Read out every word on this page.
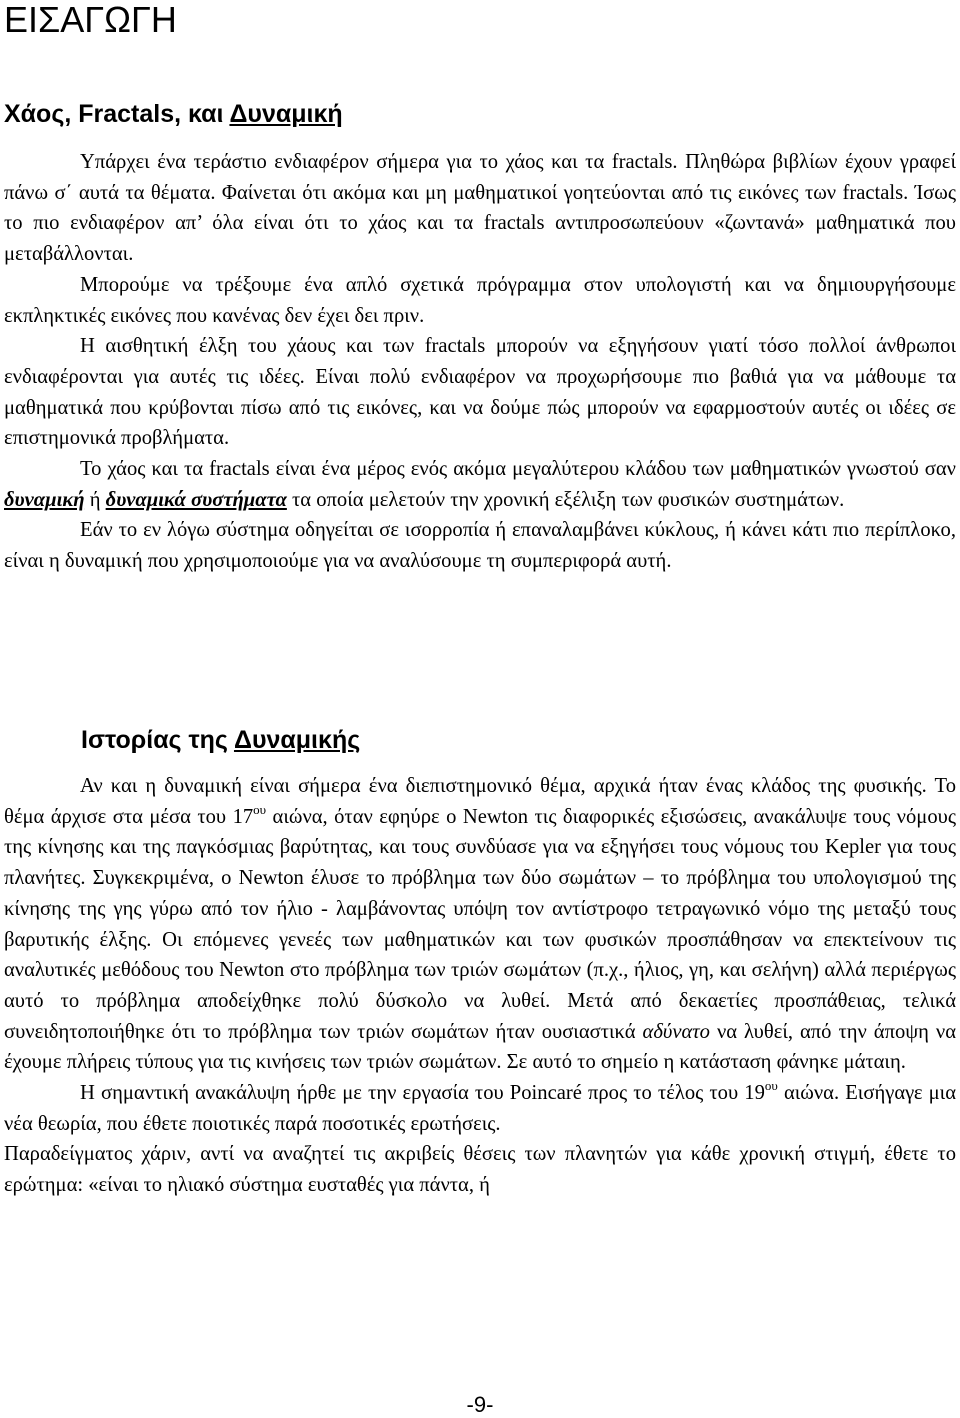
ΕΙΣΑΓΩΓΗ
Χάος, Fractals, και Δυναμική

Υπάρχει ένα τεράστιο ενδιαφέρον σήμερα για το χάος και τα fractals. Πληθώρα βιβλίων έχουν γραφεί πάνω σ΄ αυτά τα θέματα. Φαίνεται ότι ακόμα και μη μαθηματικοί γοητεύονται από τις εικόνες των fractals. Ίσως το πιο ενδιαφέρον απ’ όλα είναι ότι το χάος και τα fractals αντιπροσωπεύουν «ζωντανά» μαθηματικά που μεταβάλλονται.

Μπορούμε να τρέξουμε ένα απλό σχετικά πρόγραμμα στον υπολογιστή και να δημιουργήσουμε εκπληκτικές εικόνες που κανένας δεν έχει δει πριν.

Η αισθητική έλξη του χάους και των fractals μπορούν να εξηγήσουν γιατί τόσο πολλοί άνθρωποι ενδιαφέρονται για αυτές τις ιδέες. Είναι πολύ ενδιαφέρον να προχωρήσουμε πιο βαθιά για να μάθουμε τα μαθηματικά που κρύβονται πίσω από τις εικόνες, και να δούμε πώς μπορούν να εφαρμοστούν αυτές οι ιδέες σε επιστημονικά προβλήματα.

Το χάος και τα fractals είναι ένα μέρος ενός ακόμα μεγαλύτερου κλάδου των μαθηματικών γνωστού σαν δυναμική ή δυναμικά συστήματα τα οποία μελετούν την χρονική εξέλιξη των φυσικών συστημάτων.

Εάν το εν λόγω σύστημα οδηγείται σε ισορροπία ή επαναλαμβάνει κύκλους, ή κάνει κάτι πιο περίπλοκο, είναι η δυναμική που χρησιμοποιούμε για να αναλύσουμε τη συμπεριφορά αυτή.

Ιστορίας της Δυναμικής

Αν και η δυναμική είναι σήμερα ένα διεπιστημονικό θέμα, αρχικά ήταν ένας κλάδος της φυσικής. Το θέμα άρχισε στα μέσα του $17^{o\upsilon}$ αιώνα, όταν εφηύρε ο Newton τις διαφορικές εξισώσεις, ανακάλυψε τους νόμους της κίνησης και της παγκόσμιας βαρύτητας, και τους συνδύασε για να εξηγήσει τους νόμους του Kepler για τους πλανήτες. Συγκεκριμένα, ο Newton έλυσε το πρόβλημα των δύο σωμάτων – το πρόβλημα του υπολογισμού της κίνησης της γης γύρω από τον ήλιο - λαμβάνοντας υπόψη τον αντίστροφο τετραγωνικό νόμο της μεταξύ τους βαρυτικής έλξης. Οι επόμενες γενεές των μαθηματικών και των φυσικών προσπάθησαν να επεκτείνουν τις αναλυτικές μεθόδους του Newton στο πρόβλημα των τριών σωμάτων (π.χ., ήλιος, γη, και σελήνη) αλλά περιέργως αυτό το πρόβλημα αποδείχθηκε πολύ δύσκολο να λυθεί. Μετά από δεκαετίες προσπάθειας, τελικά συνειδητοποιήθηκε ότι το πρόβλημα των τριών σωμάτων ήταν ουσιαστικά αδύνατο να λυθεί, από την άποψη να έχουμε πλήρεις τύπους για τις κινήσεις των τριών σωμάτων. Σε αυτό το σημείο η κατάσταση φάνηκε μάταιη.

Η σημαντική ανακάλυψη ήρθε με την εργασία του Poincaré προς το τέλος του $19^{o\upsilon}$ αιώνα. Εισήγαγε μια νέα θεωρία, που έθετε ποιοτικές παρά ποσοτικές ερωτήσεις.

Παραδείγματος χάριν, αντί να αναζητεί τις ακριβείς θέσεις των πλανητών για κάθε χρονική στιγμή, έθετε το ερώτημα: «είναι το ηλιακό σύστημα ευσταθές για πάντα, ή

-9-
